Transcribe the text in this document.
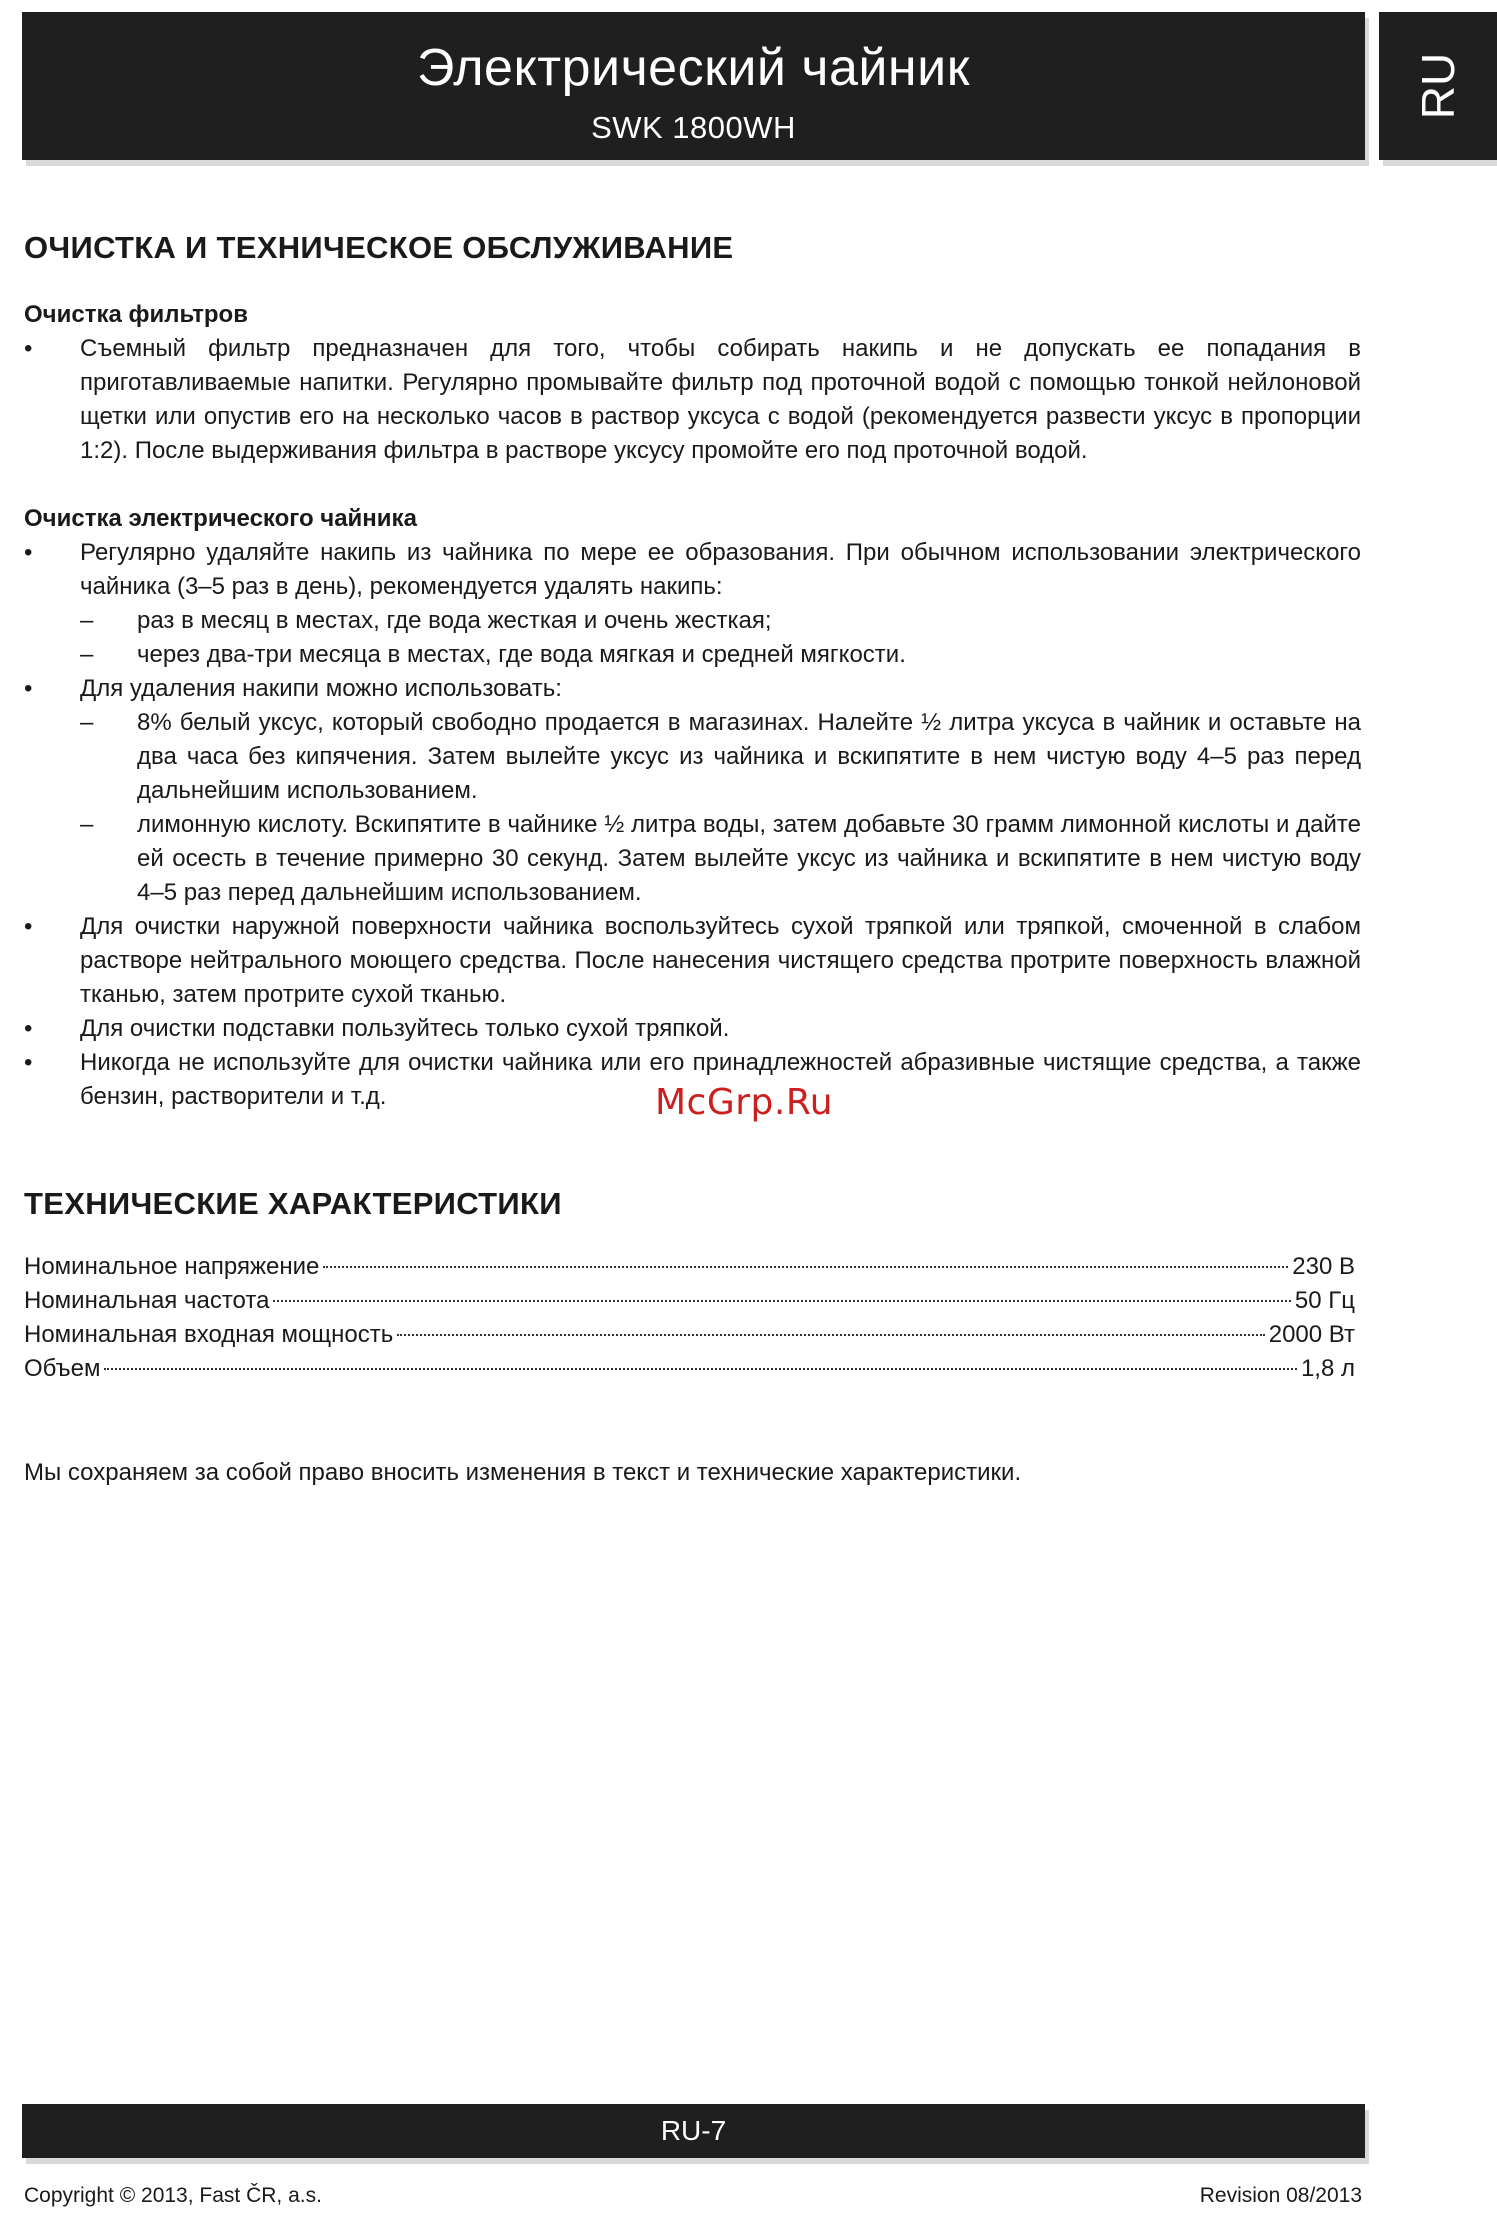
Электрический чайник
SWK 1800WH
RU
ОЧИСТКА И ТЕХНИЧЕСКОЕ ОБСЛУЖИВАНИЕ
Очистка фильтров
• Съемный фильтр предназначен для того, чтобы собирать накипь и не допускать ее попадания в приготавливаемые напитки. Регулярно промывайте фильтр под проточной водой с помощью тонкой нейлоновой щетки или опустив его на несколько часов в раствор уксуса с водой (рекомендуется развести уксус в пропорции 1:2). После выдерживания фильтра в растворе уксусу промойте его под проточной водой.
Очистка электрического чайника
• Регулярно удаляйте накипь из чайника по мере ее образования. При обычном использовании электрического чайника (3–5 раз в день), рекомендуется удалять накипь:
– раз в месяц в местах, где вода жесткая и очень жесткая;
– через два-три месяца в местах, где вода мягкая и средней мягкости.
• Для удаления накипи можно использовать:
– 8% белый уксус, который свободно продается в магазинах. Налейте ½ литра уксуса в чайник и оставьте на два часа без кипячения. Затем вылейте уксус из чайника и вскипятите в нем чистую воду 4–5 раз перед дальнейшим использованием.
– лимонную кислоту. Вскипятите в чайнике ½ литра воды, затем добавьте 30 грамм лимонной кислоты и дайте ей осесть в течение примерно 30 секунд. Затем вылейте уксус из чайника и вскипятите в нем чистую воду 4–5 раз перед дальнейшим использованием.
• Для очистки наружной поверхности чайника воспользуйтесь сухой тряпкой или тряпкой, смоченной в слабом растворе нейтрального моющего средства. После нанесения чистящего средства протрите поверхность влажной тканью, затем протрите сухой тканью.
• Для очистки подставки пользуйтесь только сухой тряпкой.
• Никогда не используйте для очистки чайника или его принадлежностей абразивные чистящие средства, а также бензин, растворители и т.д.
ТЕХНИЧЕСКИЕ ХАРАКТЕРИСТИКИ
Номинальное напряжение	230 В
Номинальная частота	50 Гц
Номинальная входная мощность	2000 Вт
Объем	1,8 л
Мы сохраняем за собой право вносить изменения в текст и технические характеристики.
McGrp.Ru
RU-7
Copyright © 2013, Fast ČR, a.s.	Revision 08/2013
